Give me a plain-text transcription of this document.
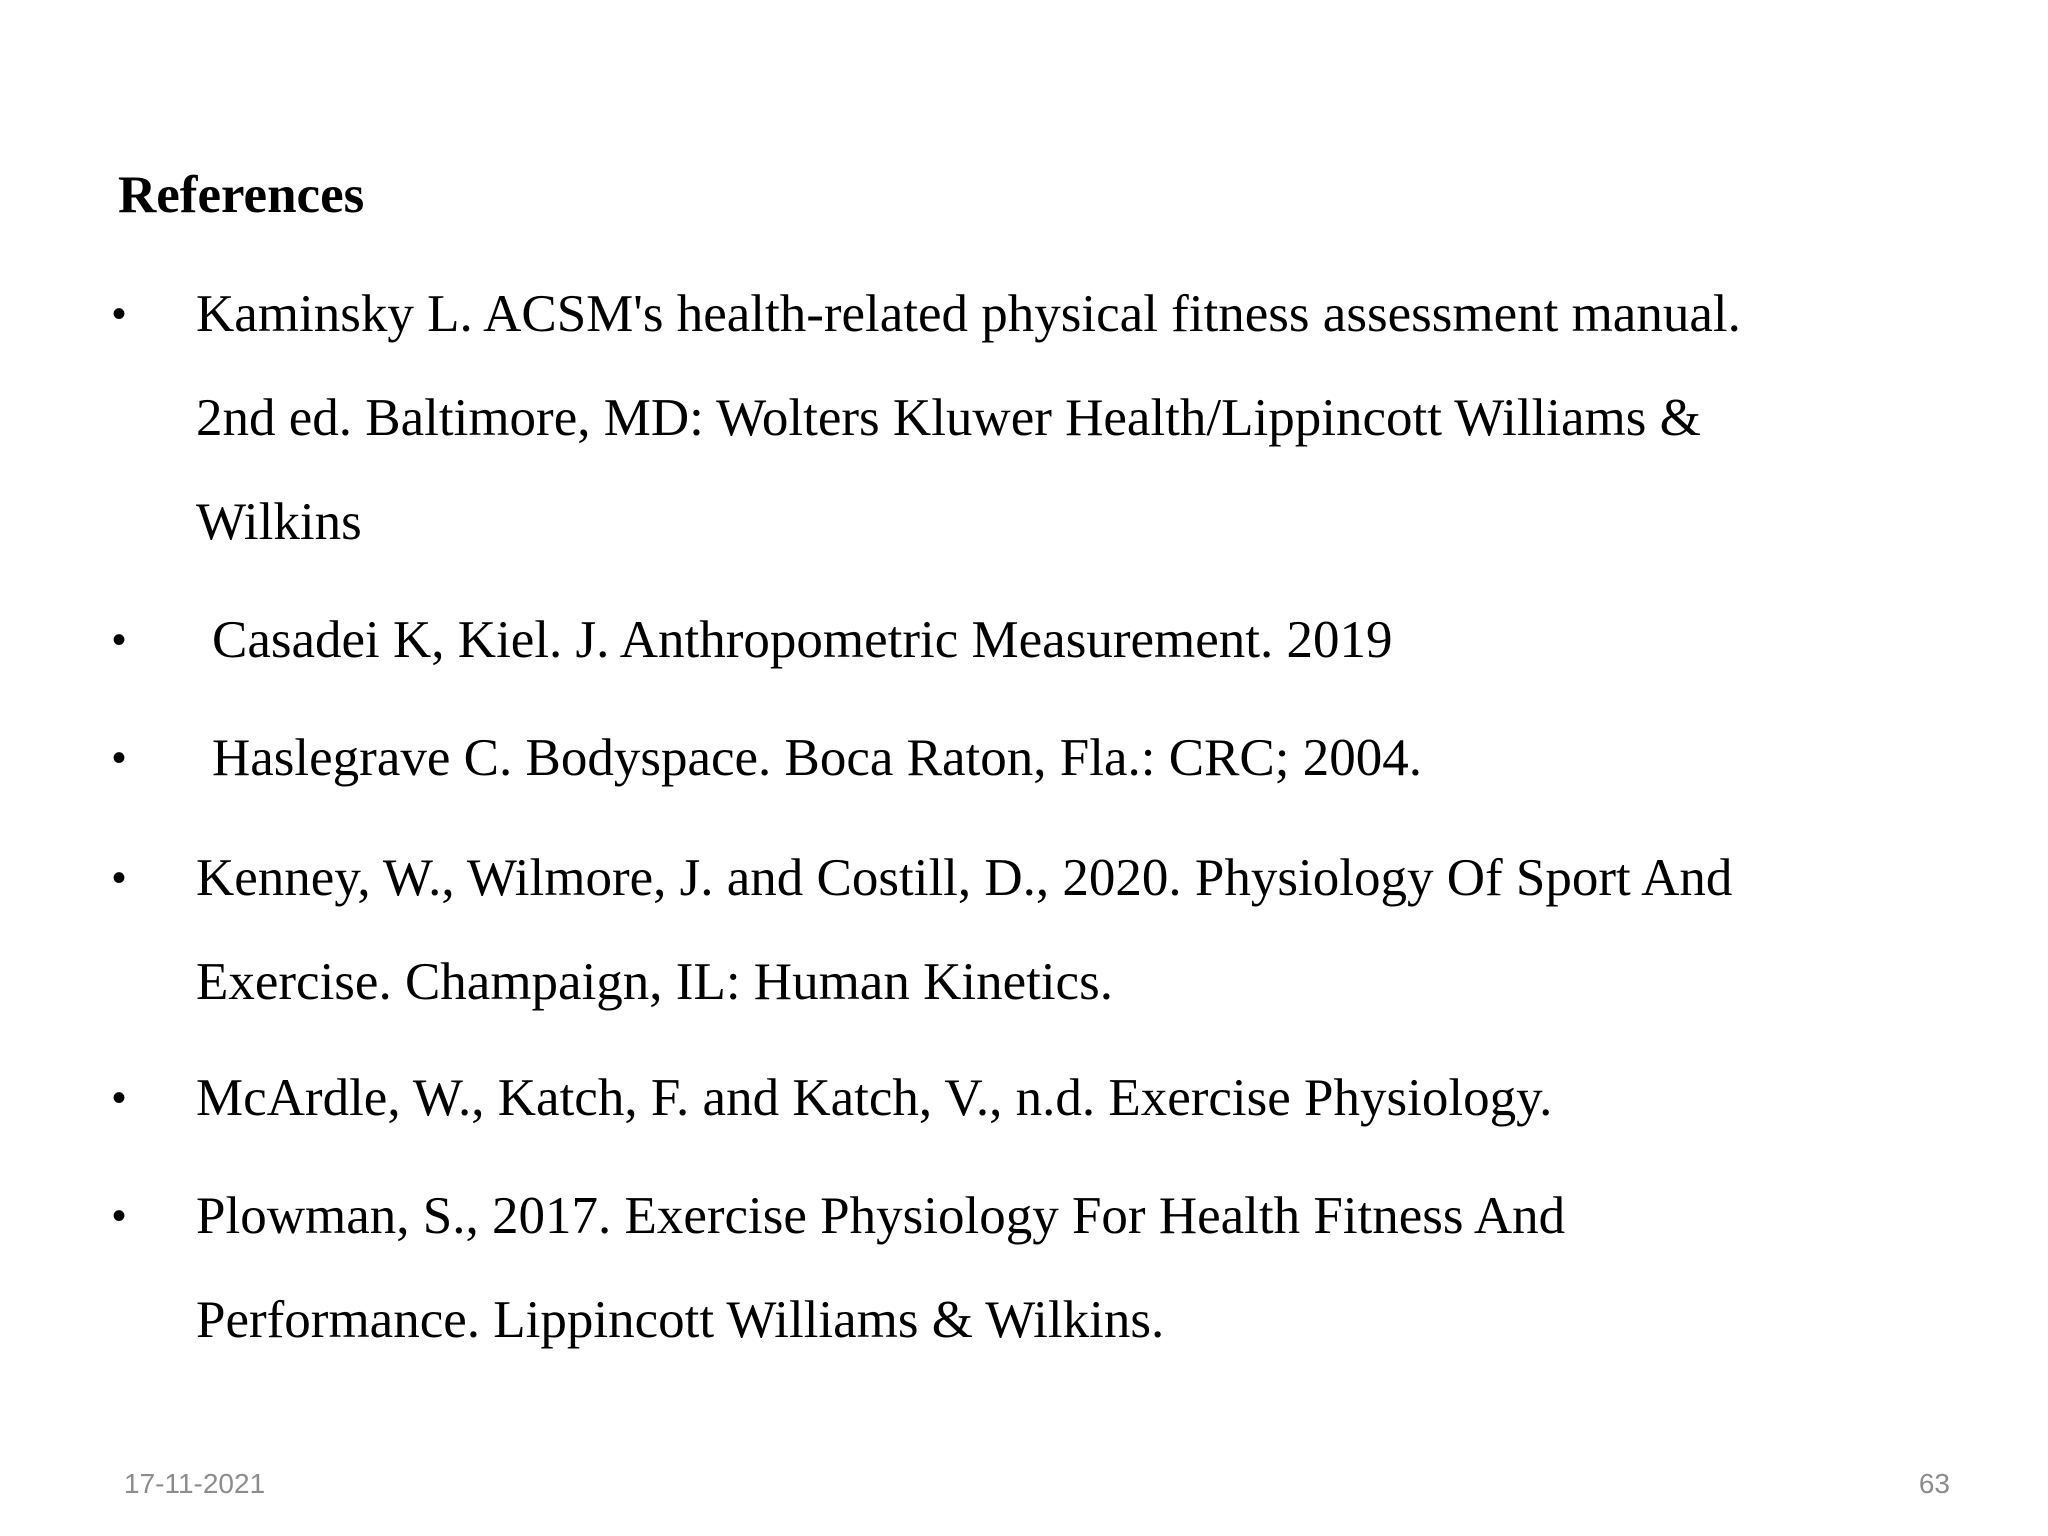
References
• Kaminsky L. ACSM's health-related physical fitness assessment manual.
2nd ed. Baltimore, MD: Wolters Kluwer Health/Lippincott Williams &
Wilkins
• Casadei K, Kiel. J. Anthropometric Measurement. 2019
• Haslegrave C. Bodyspace. Boca Raton, Fla.: CRC; 2004.
• Kenney, W., Wilmore, J. and Costill, D., 2020. Physiology Of Sport And
Exercise. Champaign, IL: Human Kinetics.
• McArdle, W., Katch, F. and Katch, V., n.d. Exercise Physiology.
• Plowman, S., 2017. Exercise Physiology For Health Fitness And
Performance. Lippincott Williams & Wilkins.
17-11-2021	63
